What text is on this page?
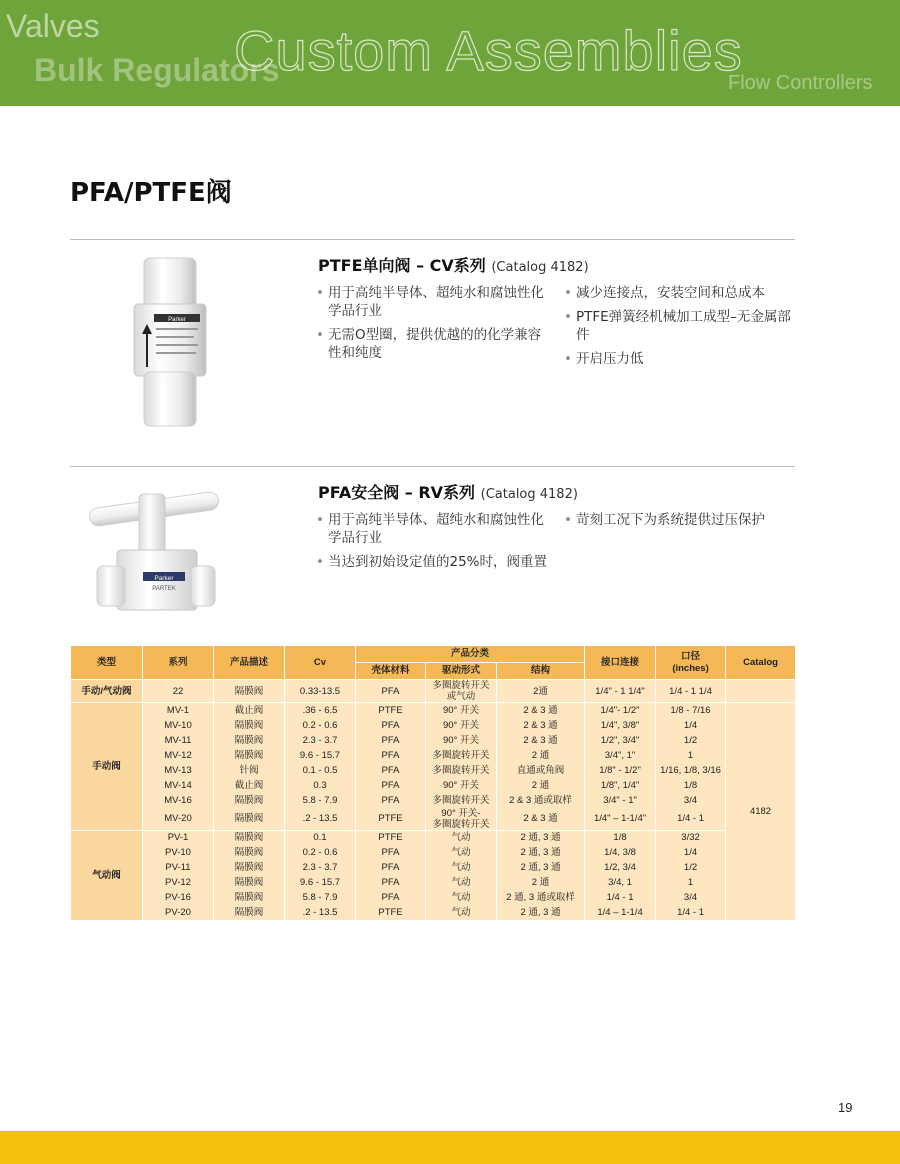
Valves
Bulk Regulators
Custom Assemblies
Flow Controllers
PFA/PTFE阀
Parker
PTFE单向阀 – CV系列 (Catalog 4182)
• 用于高纯半导体、超纯水和腐蚀性化学品行业
• 无需O型圈，提供优越的的化学兼容性和纯度
• 减少连接点，安装空间和总成本
• PTFE弹簧经机械加工成型–无金属部件
• 开启压力低
Parker
PARTEK
PFA安全阀 – RV系列 (Catalog 4182)
• 用于高纯半导体、超纯水和腐蚀性化学品行业
• 当达到初始设定值的25%时，阀重置
• 苛刻工况下为系统提供过压保护
类型	系列	产品描述	Cv	产品分类			接口连接	口径
(inches)	Catalog
				壳体材料	驱动形式	结构			
手动/气动阀	22	隔膜阀	0.33-13.5	PFA	多圈旋转开关
或气动	2通	1/4" - 1 1/4"	1/4 - 1 1/4	
手动阀	MV-1	截止阀	.36 - 6.5	PTFE	90° 开关	2 & 3 通	1/4"- 1/2"	1/8 - 7/16	4182
	MV-10	隔膜阀	0.2 - 0.6	PFA	90° 开关	2 & 3 通	1/4", 3/8"	1/4	
	MV-11	隔膜阀	2.3 - 3.7	PFA	90° 开关	2 & 3 通	1/2", 3/4"	1/2	
	MV-12	隔膜阀	9.6 - 15.7	PFA	多圈旋转开关	2 通	3/4", 1"	1	
	MV-13	针阀	0.1 - 0.5	PFA	多圈旋转开关	直通或角阀	1/8" - 1/2"	1/16, 1/8, 3/16	
	MV-14	截止阀	0.3	PFA	90° 开关	2 通	1/8", 1/4"	1/8	
	MV-16	隔膜阀	5.8 - 7.9	PFA	多圈旋转开关	2 & 3 通或取样	3/4" - 1"	3/4	
	MV-20	隔膜阀	.2 - 13.5	PTFE	90° 开关-
多圈旋转开关	2 & 3 通	1/4" – 1-1/4"	1/4 - 1	
气动阀	PV-1	隔膜阀	0.1	PTFE	气动	2 通, 3 通	1/8	3/32	
	PV-10	隔膜阀	0.2 - 0.6	PFA	气动	2 通, 3 通	1/4, 3/8	1/4	
	PV-11	隔膜阀	2.3 - 3.7	PFA	气动	2 通, 3 通	1/2, 3/4	1/2	
	PV-12	隔膜阀	9.6 - 15.7	PFA	气动	2 通	3/4, 1	1	
	PV-16	隔膜阀	5.8 - 7.9	PFA	气动	2 通, 3 通或取样	1/4 - 1	3/4	
	PV-20	隔膜阀	.2 - 13.5	PTFE	气动	2 通, 3 通	1/4 – 1-1/4	1/4 - 1	
19
